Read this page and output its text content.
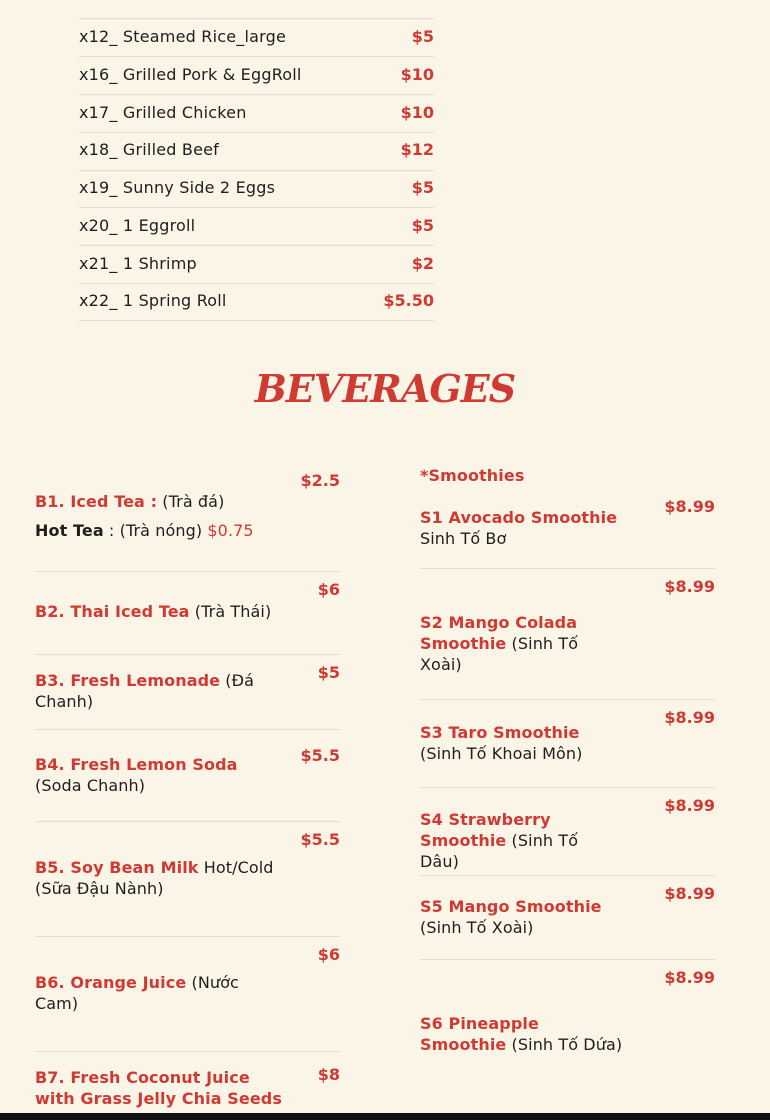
x12_ Steamed Rice_large	$5
x16_ Grilled Pork & EggRoll	$10
x17_ Grilled Chicken	$10
x18_ Grilled Beef	$12
x19_ Sunny Side 2 Eggs	$5
x20_ 1 Eggroll	$5
x21_ 1 Shrimp	$2
x22_ 1 Spring Roll	$5.50
BEVERAGES
$2.5
B1. Iced Tea : (Trà đá)
Hot Tea : (Trà nóng) $0.75
$6
B2. Thai Iced Tea (Trà Thái)
$5
B3. Fresh Lemonade (Đá Chanh)
$5.5
B4. Fresh Lemon Soda (Soda Chanh)
$5.5
B5. Soy Bean Milk Hot/Cold (Sữa Đậu Nành)
$6
B6. Orange Juice (Nước Cam)
$8
B7. Fresh Coconut Juice with Grass Jelly Chia Seeds
*Smoothies
$8.99
S1 Avocado Smoothie
Sinh Tố Bơ
$8.99
S2 Mango Colada Smoothie (Sinh Tố Xoài)
$8.99
S3 Taro Smoothie (Sinh Tố Khoai Môn)
$8.99
S4 Strawberry Smoothie (Sinh Tố Dâu)
$8.99
S5 Mango Smoothie (Sinh Tố Xoài)
$8.99
S6 Pineapple Smoothie (Sinh Tố Dứa)
